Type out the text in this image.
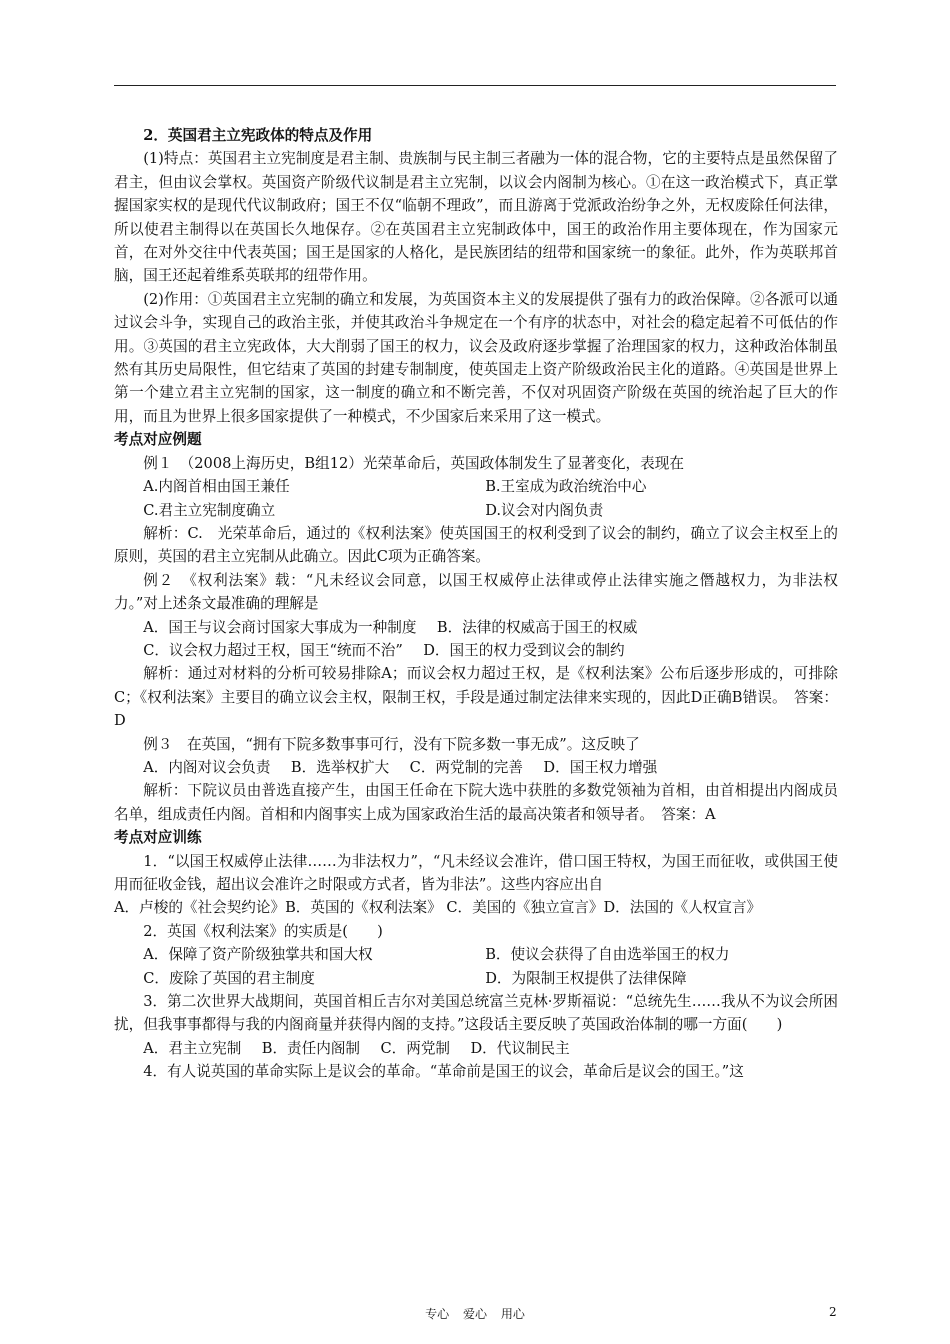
2．英国君主立宪政体的特点及作用

(1)特点：英国君主立宪制度是君主制、贵族制与民主制三者融为一体的混合物，它的主要特点是虽然保留了君主，但由议会掌权。英国资产阶级代议制是君主立宪制，以议会内阁制为核心。①在这一政治模式下，真正掌握国家实权的是现代代议制政府；国王不仅“临朝不理政”，而且游离于党派政治纷争之外，无权废除任何法律，所以使君主制得以在英国长久地保存。②在英国君主立宪制政体中，国王的政治作用主要体现在，作为国家元首，在对外交往中代表英国；国王是国家的人格化，是民族团结的纽带和国家统一的象征。此外，作为英联邦首脑，国王还起着维系英联邦的纽带作用。

(2)作用：①英国君主立宪制的确立和发展，为英国资本主义的发展提供了强有力的政治保障。②各派可以通过议会斗争，实现自己的政治主张，并使其政治斗争规定在一个有序的状态中，对社会的稳定起着不可低估的作用。③英国的君主立宪政体，大大削弱了国王的权力，议会及政府逐步掌握了治理国家的权力，这种政治体制虽然有其历史局限性，但它结束了英国的封建专制制度，使英国走上资产阶级政治民主化的道路。④英国是世界上第一个建立君主立宪制的国家，这一制度的确立和不断完善，不仅对巩固资产阶级在英国的统治起了巨大的作用，而且为世界上很多国家提供了一种模式，不少国家后来采用了这一模式。

考点对应例题

例１　（2008上海历史，B组12）光荣革命后，英国政体制发生了显著变化，表现在

A.内阁首相由国王兼任	B.王室成为政治统治中心
C.君主立宪制度确立	D.议会对内阁负责

解析：C.　光荣革命后，通过的《权利法案》使英国国王的权利受到了议会的制约，确立了议会主权至上的原则，英国的君主立宪制从此确立。因此C项为正确答案。

例２　《权利法案》载：“凡未经议会同意，以国王权威停止法律或停止法律实施之僭越权力，为非法权力。”对上述条文最准确的理解是

A．国王与议会商讨国家大事成为一种制度 B．法律的权威高于国王的权威
C．议会权力超过王权，国王“统而不治” D．国王的权力受到议会的制约

解析：通过对材料的分析可较易排除A；而议会权力超过王权，是《权利法案》公布后逐步形成的，可排除C；《权利法案》主要目的确立议会主权，限制王权，手段是通过制定法律来实现的，因此D正确B错误。　答案：D

例３　在英国，“拥有下院多数事事可行，没有下院多数一事无成”。这反映了

A．内阁对议会负责 B．选举权扩大 C．两党制的完善 D．国王权力增强

解析：下院议员由普选直接产生，由国王任命在下院大选中获胜的多数党领袖为首相，由首相提出内阁成员名单，组成责任内阁。首相和内阁事实上成为国家政治生活的最高决策者和领导者。　答案：A

考点对应训练

1．“以国王权威停止法律……为非法权力”，“凡未经议会准许，借口国王特权，为国王而征收，或供国王使用而征收金钱，超出议会准许之时限或方式者，皆为非法”。这些内容应出自

A．卢梭的《社会契约论》B．英国的《权利法案》 C．美国的《独立宣言》D．法国的《人权宣言》

2．英国《权利法案》的实质是(　　)

A．保障了资产阶级独掌共和国大权	B．使议会获得了自由选举国王的权力
C．废除了英国的君主制度	D．为限制王权提供了法律保障

3．第二次世界大战期间，英国首相丘吉尔对美国总统富兰克林·罗斯福说：“总统先生……我从不为议会所困扰，但我事事都得与我的内阁商量并获得内阁的支持。”这段话主要反映了英国政治体制的哪一方面(　　)

A．君主立宪制 B．责任内阁制 C．两党制 D．代议制民主

4．有人说英国的革命实际上是议会的革命。“革命前是国王的议会，革命后是议会的国王。”这

专心 爱心 用心	2
